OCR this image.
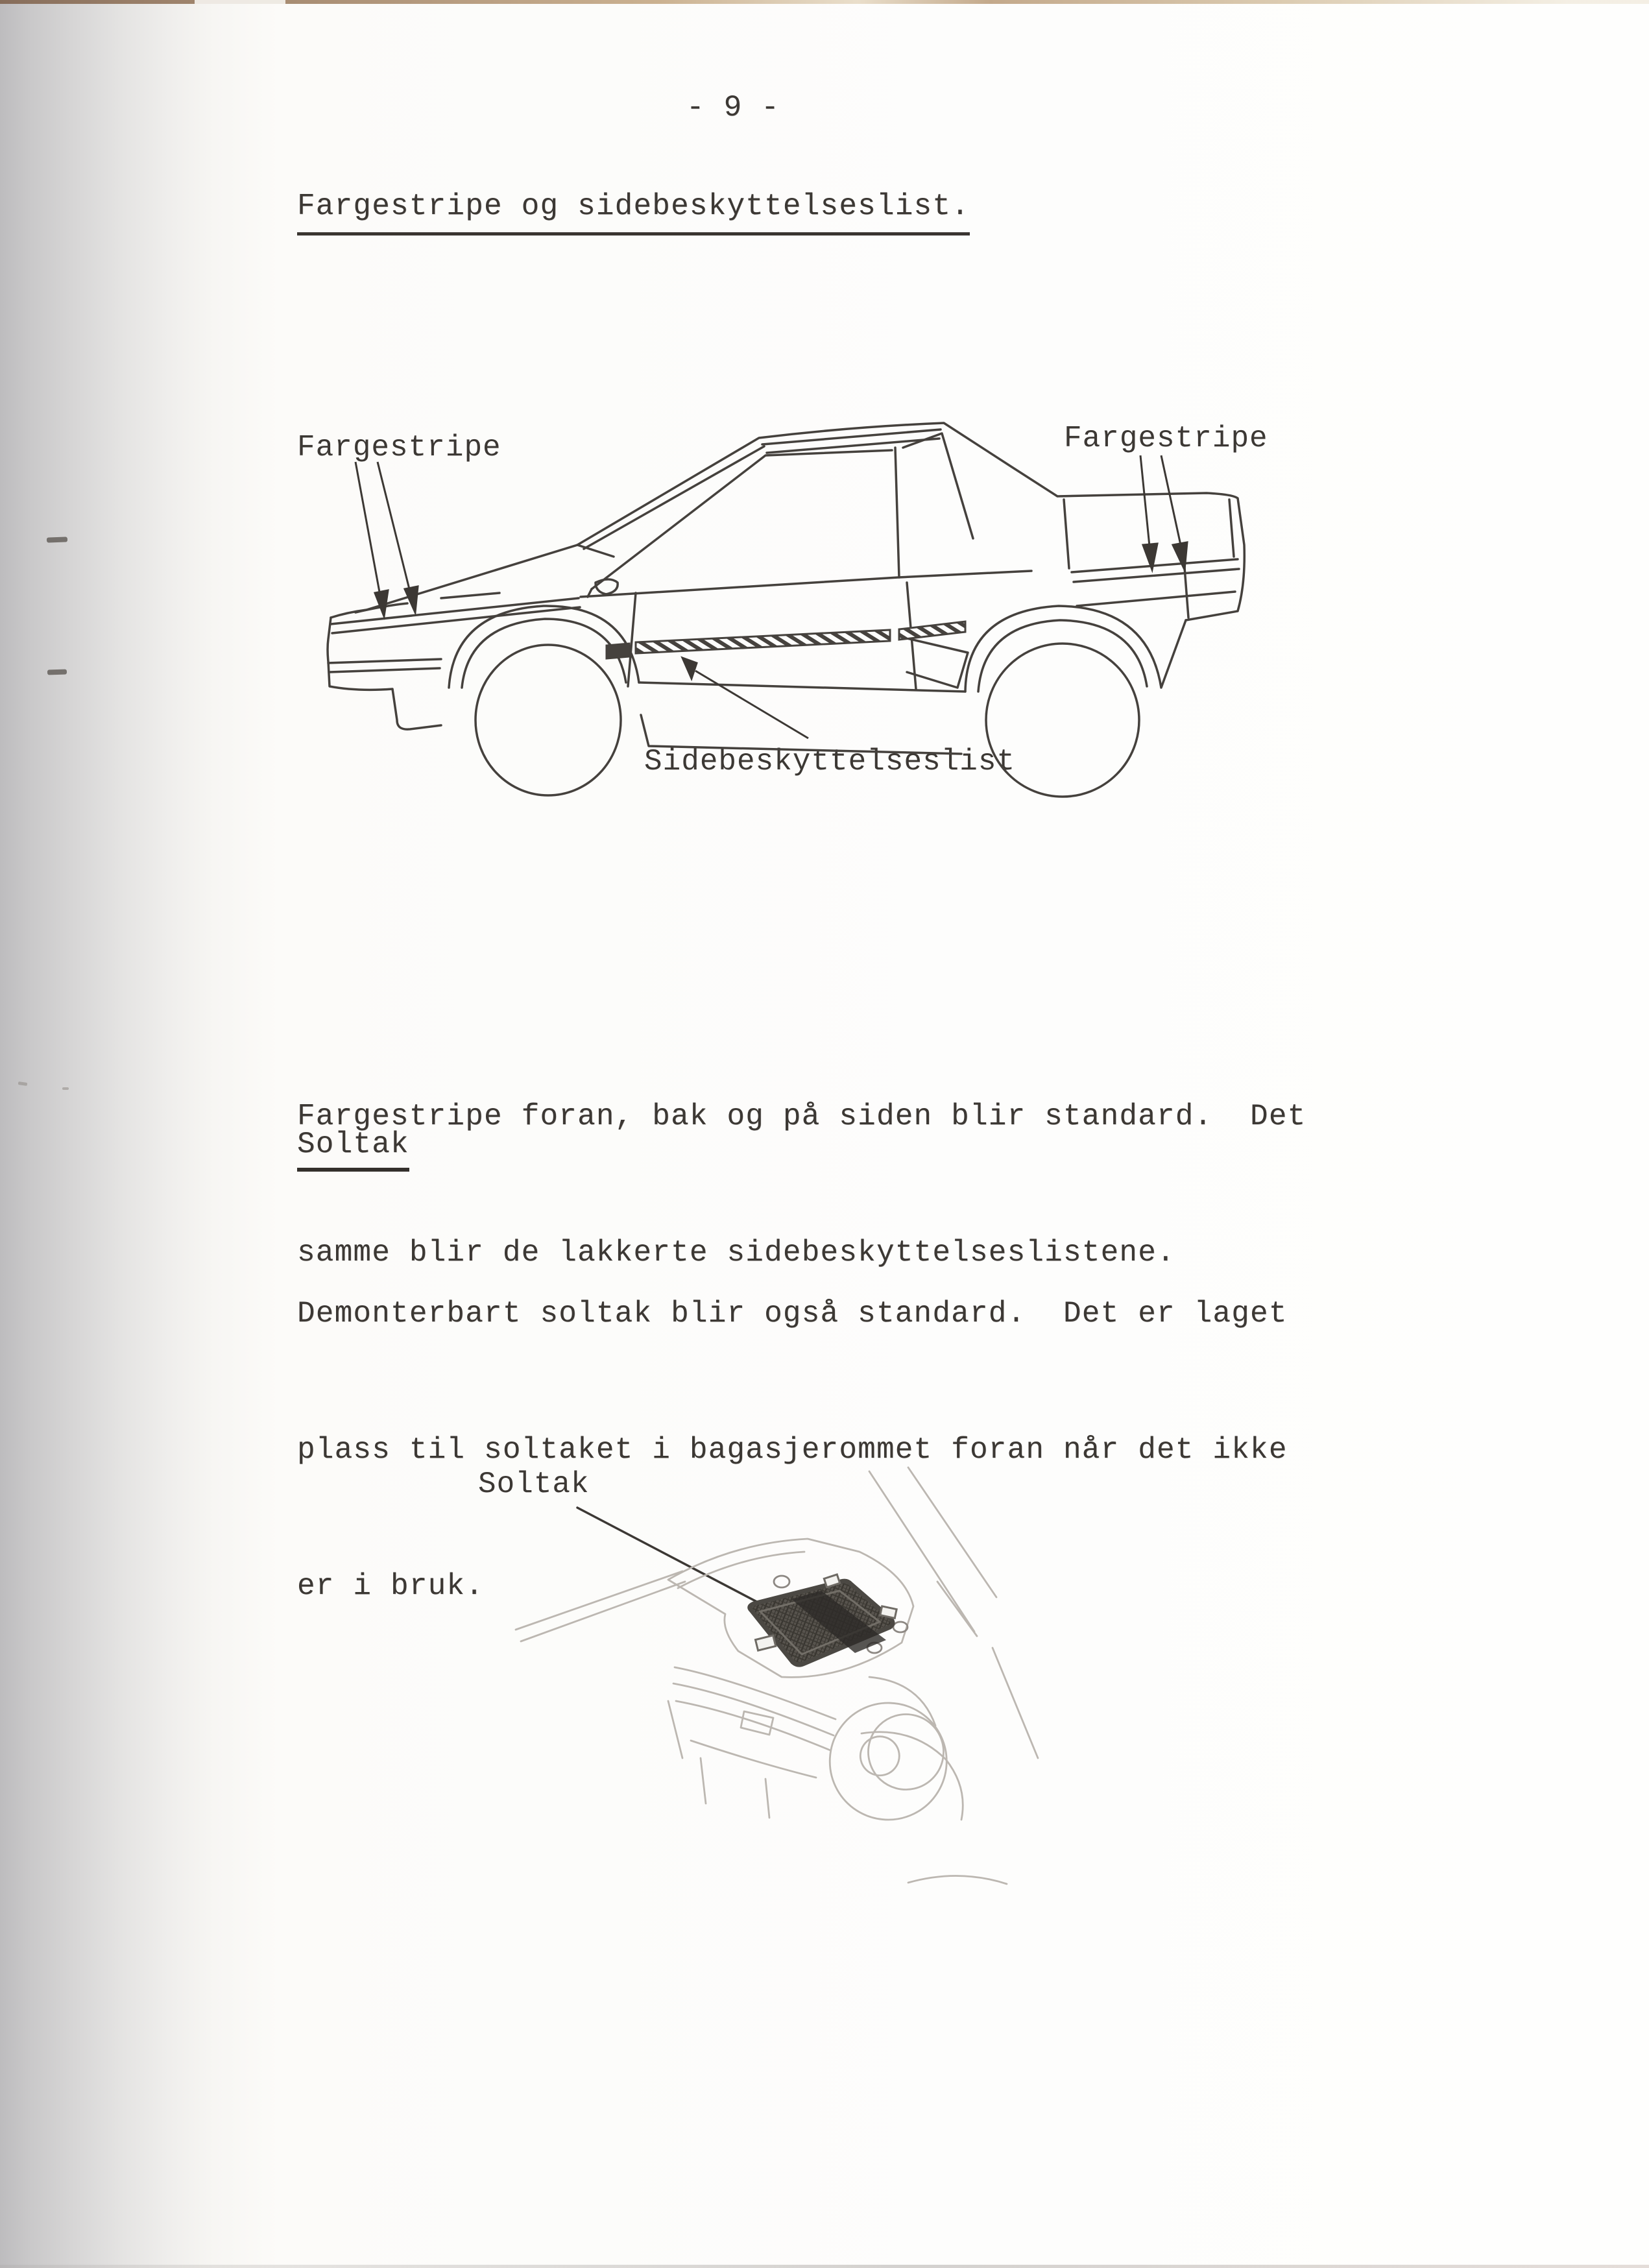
- 9 -
Fargestripe og sidebeskyttelseslist.
Fargestripe	Fargestripe
Sidebeskyttelseslist

Fargestripe foran, bak og på siden blir standard.  Det

samme blir de lakkerte sidebeskyttelseslistene.

Soltak

Demonterbart soltak blir også standard.  Det er laget

plass til soltaket i bagasjerommet foran når det ikke

er i bruk.

Soltak
